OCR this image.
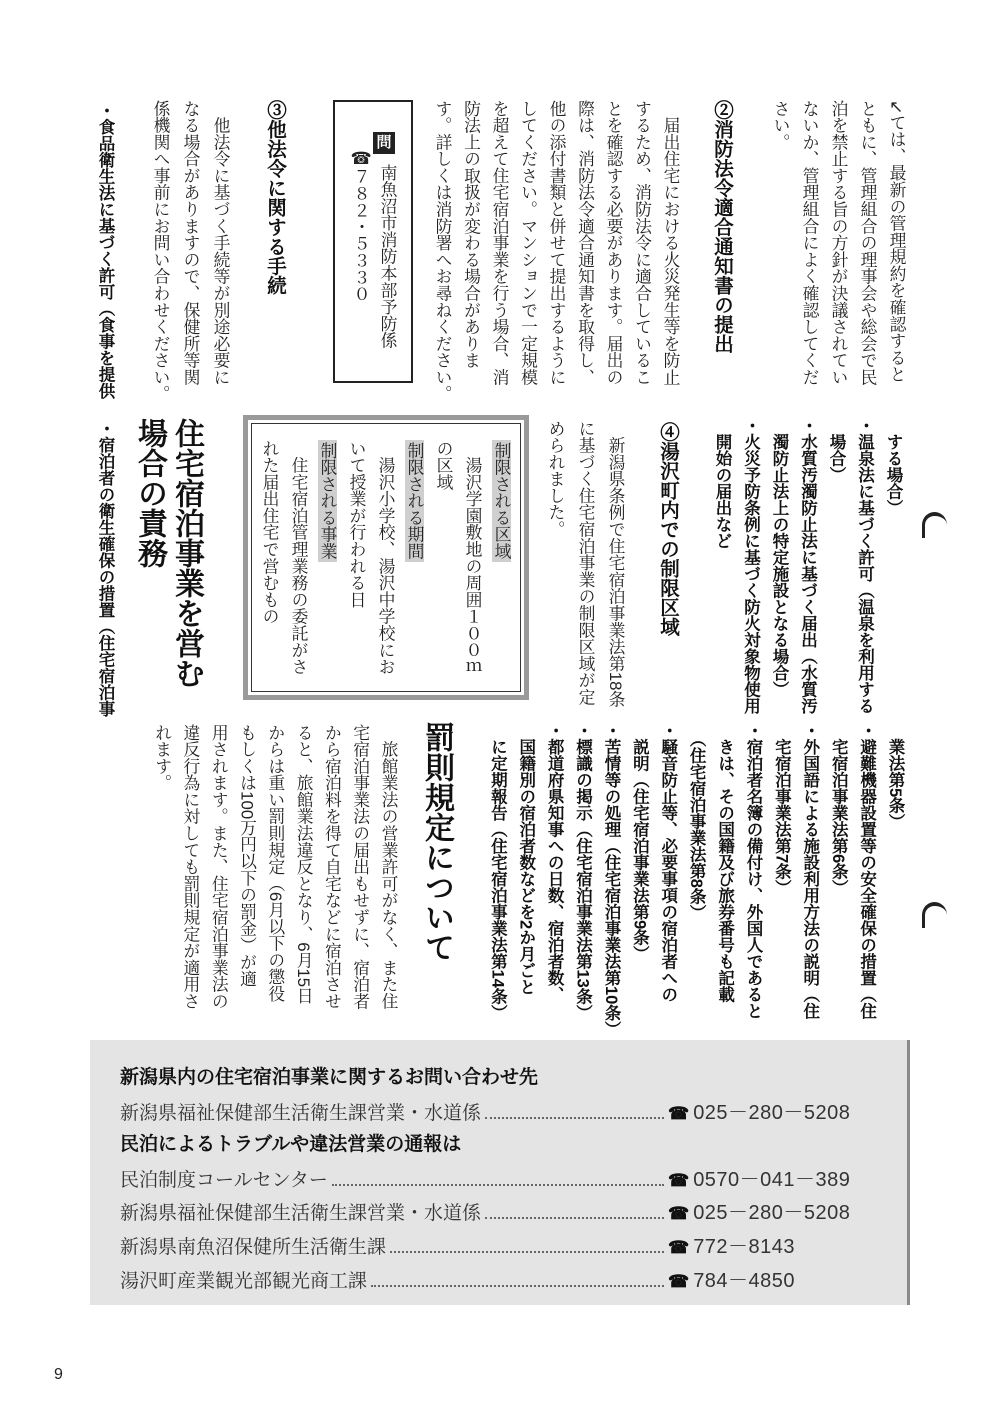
↙ては、最新の管理規約を確認すると
ともに、管理組合の理事会や総会で民
泊を禁止する旨の方針が決議されてい
ないか、管理組合によく確認してくだ
さい。
②消防法令適合通知書の提出
　届出住宅における火災発生等を防止
するため、消防法令に適合しているこ
とを確認する必要があります。届出の
際は、消防法令適合通知書を取得し、
他の添付書類と併せて提出するように
してください。マンションで一定規模
を超えて住宅宿泊事業を行う場合、消
防法上の取扱が変わる場合がありま
す。詳しくは消防署へお尋ねください。
問
南魚沼市消防本部予防係
☎７８２・５３３０
③他法令に関する手続
　他法令に基づく手続等が別途必要に
なる場合がありますので、保健所等関
係機関へ事前にお問い合わせください。
・食品衛生法に基づく許可（食事を提供
　する場合）
・温泉法に基づく許可（温泉を利用する
　場合）
・水質汚濁防止法に基づく届出（水質汚
　濁防止法上の特定施設となる場合）
・火災予防条例に基づく防火対象物使用
　開始の届出など
④湯沢町内での制限区域
　新潟県条例で住宅宿泊事業法第18条
に基づく住宅宿泊事業の制限区域が定
められました。
制限される区域
　湯沢学園敷地の周囲１００ｍ
の区域
制限される期間
　湯沢小学校、湯沢中学校にお
いて授業が行われる日
制限される事業
　住宅宿泊管理業務の委託がさ
れた届出住宅で営むもの
住宅宿泊事業を営む
場合の責務
・宿泊者の衛生確保の措置（住宅宿泊事
　業法第5条）
・避難機器設置等の安全確保の措置（住
　宅宿泊事業法第6条）
・外国語による施設利用方法の説明（住
　宅宿泊事業法第7条）
・宿泊者名簿の備付け、外国人であると
　きは、その国籍及び旅券番号も記載
　（住宅宿泊事業法第8条）
・騒音防止等、必要事項の宿泊者への
　説明（住宅宿泊事業法第9条）
・苦情等の処理（住宅宿泊事業法第10条）
・標識の掲示（住宅宿泊事業法第13条）
・都道府県知事への日数、宿泊者数、
　国籍別の宿泊者数などを2か月ごと
　に定期報告（住宅宿泊事業法第14条）
罰則規定について
　旅館業法の営業許可がなく、また住
宅宿泊事業法の届出もせずに、宿泊者
から宿泊料を得て自宅などに宿泊させ
ると、旅館業法違反となり、6月15日
からは重い罰則規定（6月以下の懲役
もしくは100万円以下の罰金）が適
用されます。また、住宅宿泊事業法の
違反行為に対しても罰則規定が適用さ
れます。
新潟県内の住宅宿泊事業に関するお問い合わせ先
新潟県福祉保健部生活衛生課営業・水道係	☎ 025－280－5208
民泊によるトラブルや違法営業の通報は
民泊制度コールセンター	☎ 0570－041－389
新潟県福祉保健部生活衛生課営業・水道係	☎ 025－280－5208
新潟県南魚沼保健所生活衛生課	☎ 772－8143
湯沢町産業観光部観光商工課	☎ 784－4850
9
